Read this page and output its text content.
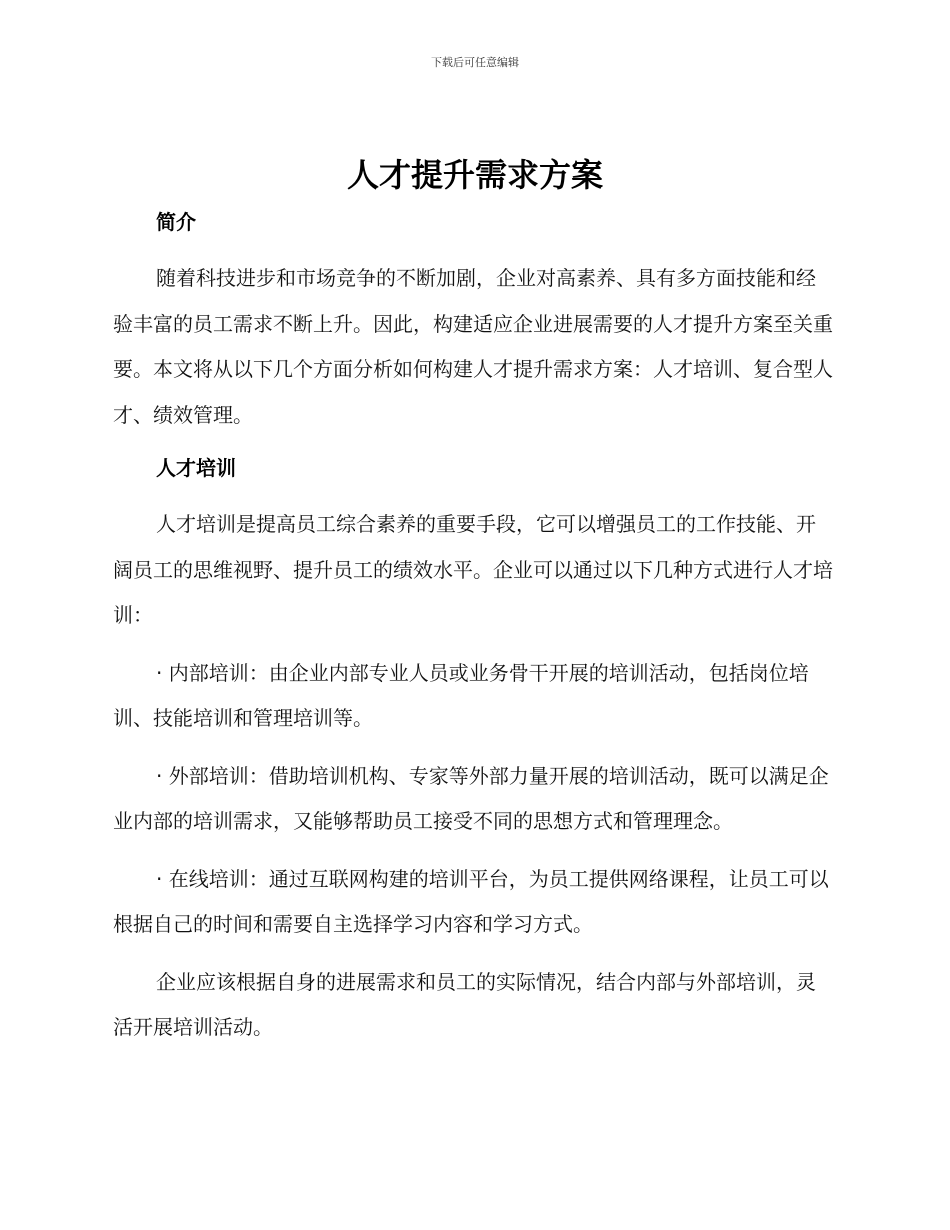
下载后可任意编辑
人才提升需求方案
简介

随着科技进步和市场竞争的不断加剧，企业对高素养、具有多方面技能和经验丰富的员工需求不断上升。因此，构建适应企业进展需要的人才提升方案至关重要。本文将从以下几个方面分析如何构建人才提升需求方案：人才培训、复合型人才、绩效管理。

人才培训

人才培训是提高员工综合素养的重要手段，它可以增强员工的工作技能、开阔员工的思维视野、提升员工的绩效水平。企业可以通过以下几种方式进行人才培训：

· 内部培训：由企业内部专业人员或业务骨干开展的培训活动，包括岗位培训、技能培训和管理培训等。

· 外部培训：借助培训机构、专家等外部力量开展的培训活动，既可以满足企业内部的培训需求，又能够帮助员工接受不同的思想方式和管理理念。

· 在线培训：通过互联网构建的培训平台，为员工提供网络课程，让员工可以根据自己的时间和需要自主选择学习内容和学习方式。

企业应该根据自身的进展需求和员工的实际情况，结合内部与外部培训，灵活开展培训活动。
